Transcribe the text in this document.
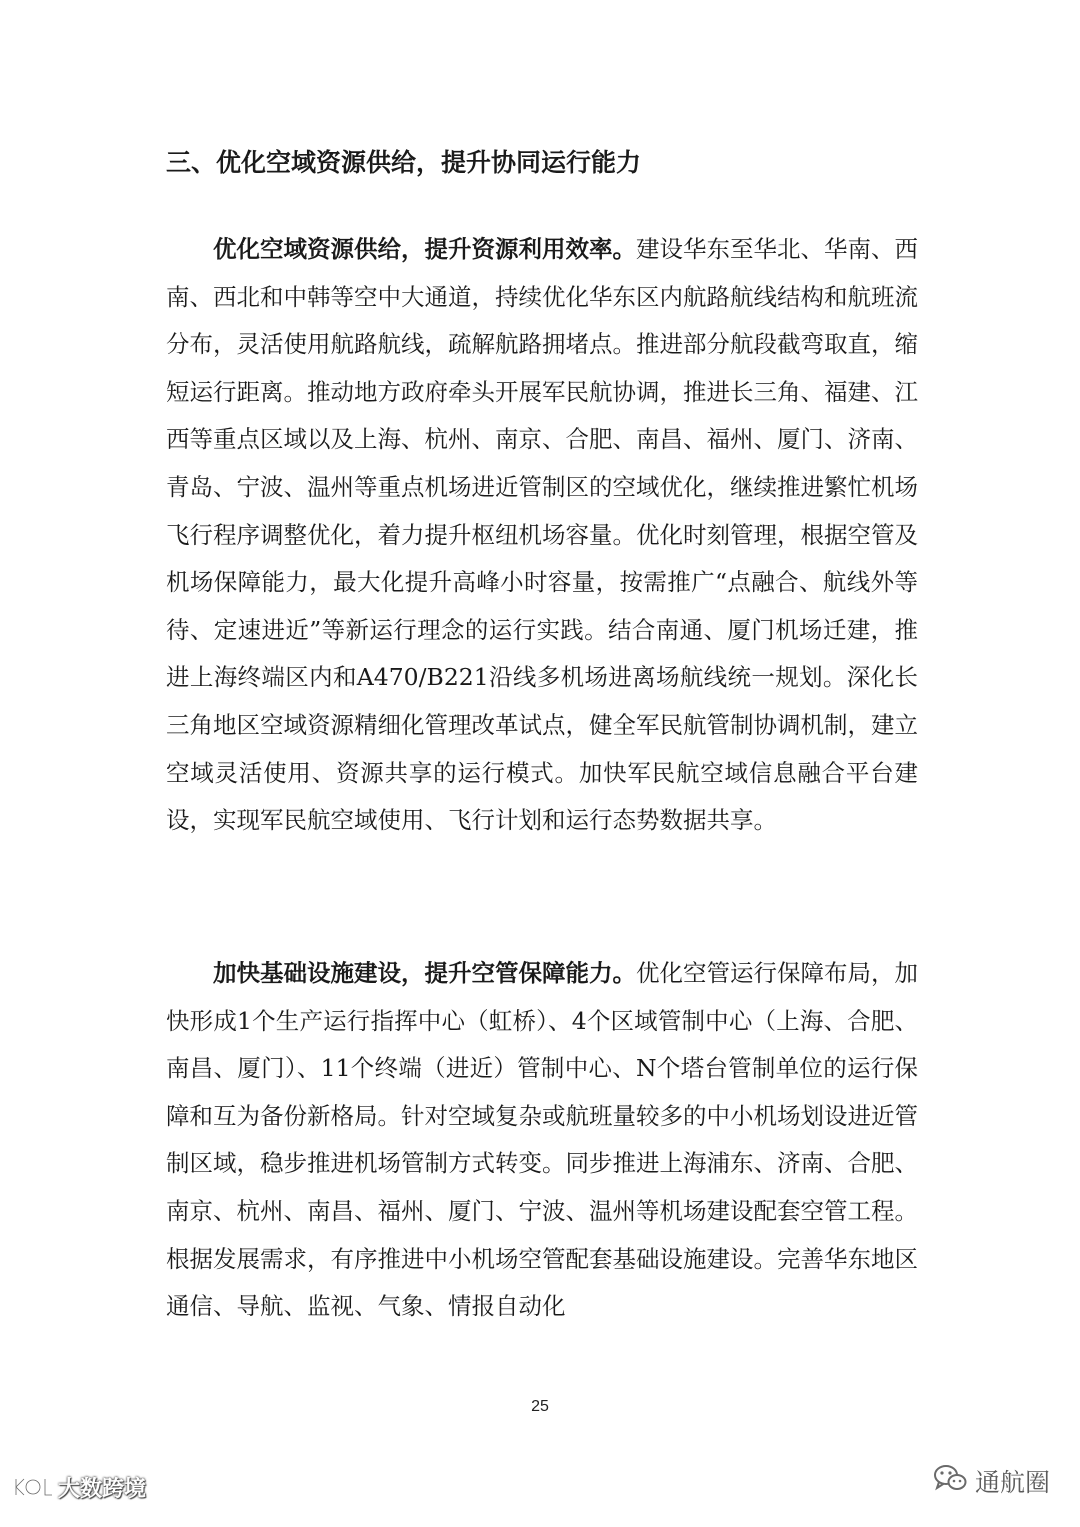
三、优化空域资源供给，提升协同运行能力

优化空域资源供给，提升资源利用效率。建设华东至华北、华南、西南、西北和中韩等空中大通道，持续优化华东区内航路航线结构和航班流分布，灵活使用航路航线，疏解航路拥堵点。推进部分航段截弯取直，缩短运行距离。推动地方政府牵头开展军民航协调，推进长三角、福建、江西等重点区域以及上海、杭州、南京、合肥、南昌、福州、厦门、济南、青岛、宁波、温州等重点机场进近管制区的空域优化，继续推进繁忙机场飞行程序调整优化，着力提升枢纽机场容量。优化时刻管理，根据空管及机场保障能力，最大化提升高峰小时容量，按需推广“点融合、航线外等待、定速进近”等新运行理念的运行实践。结合南通、厦门机场迁建，推进上海终端区内和A470/B221沿线多机场进离场航线统一规划。深化长三角地区空域资源精细化管理改革试点，健全军民航管制协调机制，建立空域灵活使用、资源共享的运行模式。加快军民航空域信息融合平台建设，实现军民航空域使用、飞行计划和运行态势数据共享。

加快基础设施建设，提升空管保障能力。优化空管运行保障布局，加快形成1个生产运行指挥中心（虹桥）、4个区域管制中心（上海、合肥、南昌、厦门）、11个终端（进近）管制中心、N个塔台管制单位的运行保障和互为备份新格局。针对空域复杂或航班量较多的中小机场划设进近管制区域，稳步推进机场管制方式转变。同步推进上海浦东、济南、合肥、南京、杭州、南昌、福州、厦门、宁波、温州等机场建设配套空管工程。根据发展需求，有序推进中小机场空管配套基础设施建设。完善华东地区通信、导航、监视、气象、情报自动化

25
大数跨境	通航圈
